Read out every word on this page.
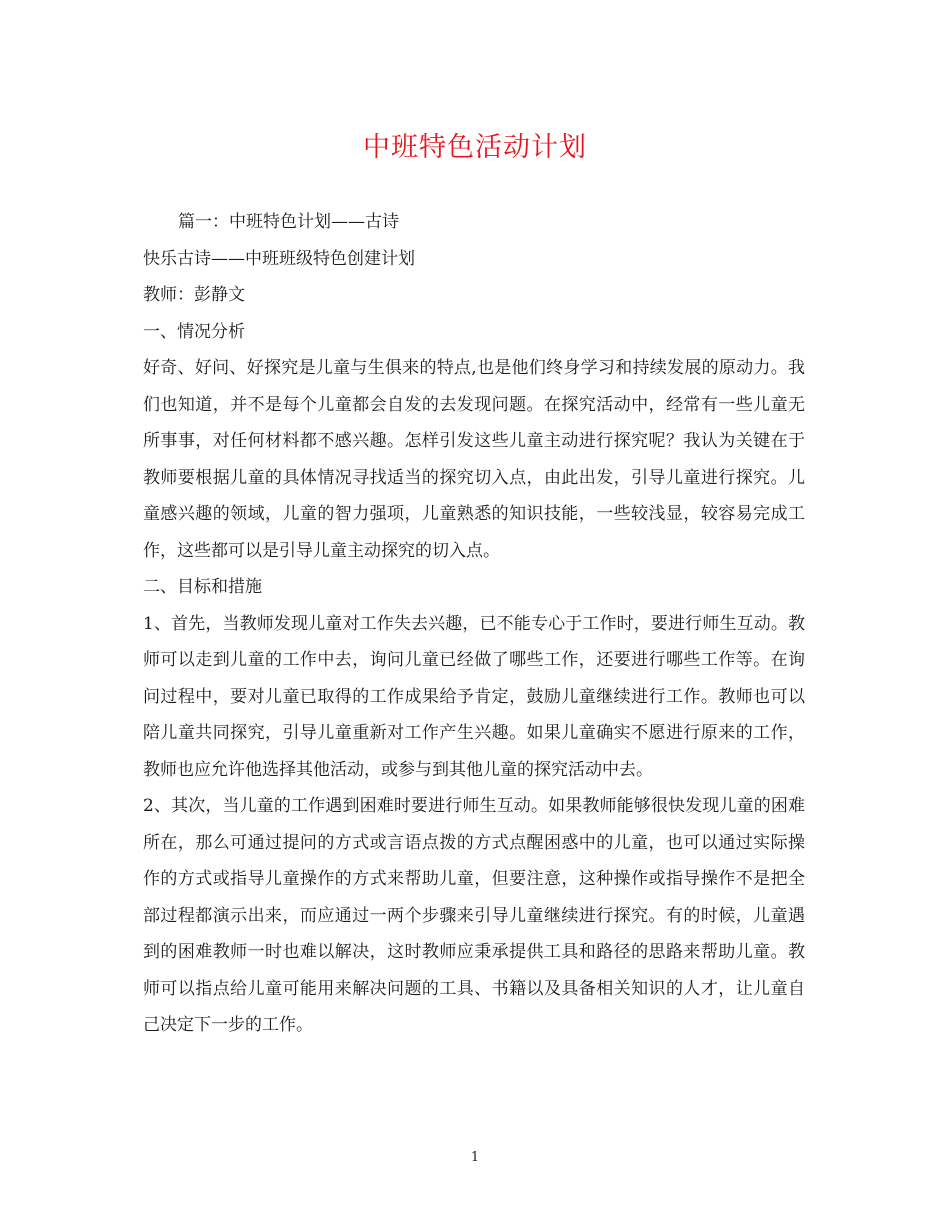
中班特色活动计划

篇一：中班特色计划——古诗

快乐古诗——中班班级特色创建计划

教师：彭静文

一、情况分析

好奇、好问、好探究是儿童与生俱来的特点,也是他们终身学习和持续发展的原动力。我们也知道，并不是每个儿童都会自发的去发现问题。在探究活动中，经常有一些儿童无所事事，对任何材料都不感兴趣。怎样引发这些儿童主动进行探究呢？我认为关键在于教师要根据儿童的具体情况寻找适当的探究切入点，由此出发，引导儿童进行探究。儿童感兴趣的领域，儿童的智力强项，儿童熟悉的知识技能，一些较浅显，较容易完成工作，这些都可以是引导儿童主动探究的切入点。

二、目标和措施

1、首先，当教师发现儿童对工作失去兴趣，已不能专心于工作时，要进行师生互动。教师可以走到儿童的工作中去，询问儿童已经做了哪些工作，还要进行哪些工作等。在询问过程中，要对儿童已取得的工作成果给予肯定，鼓励儿童继续进行工作。教师也可以陪儿童共同探究，引导儿童重新对工作产生兴趣。如果儿童确实不愿进行原来的工作，教师也应允许他选择其他活动，或参与到其他儿童的探究活动中去。

2、其次，当儿童的工作遇到困难时要进行师生互动。如果教师能够很快发现儿童的困难所在，那么可通过提问的方式或言语点拨的方式点醒困惑中的儿童，也可以通过实际操作的方式或指导儿童操作的方式来帮助儿童，但要注意，这种操作或指导操作不是把全部过程都演示出来，而应通过一两个步骤来引导儿童继续进行探究。有的时候，儿童遇到的困难教师一时也难以解决，这时教师应秉承提供工具和路径的思路来帮助儿童。教师可以指点给儿童可能用来解决问题的工具、书籍以及具备相关知识的人才，让儿童自己决定下一步的工作。

1
